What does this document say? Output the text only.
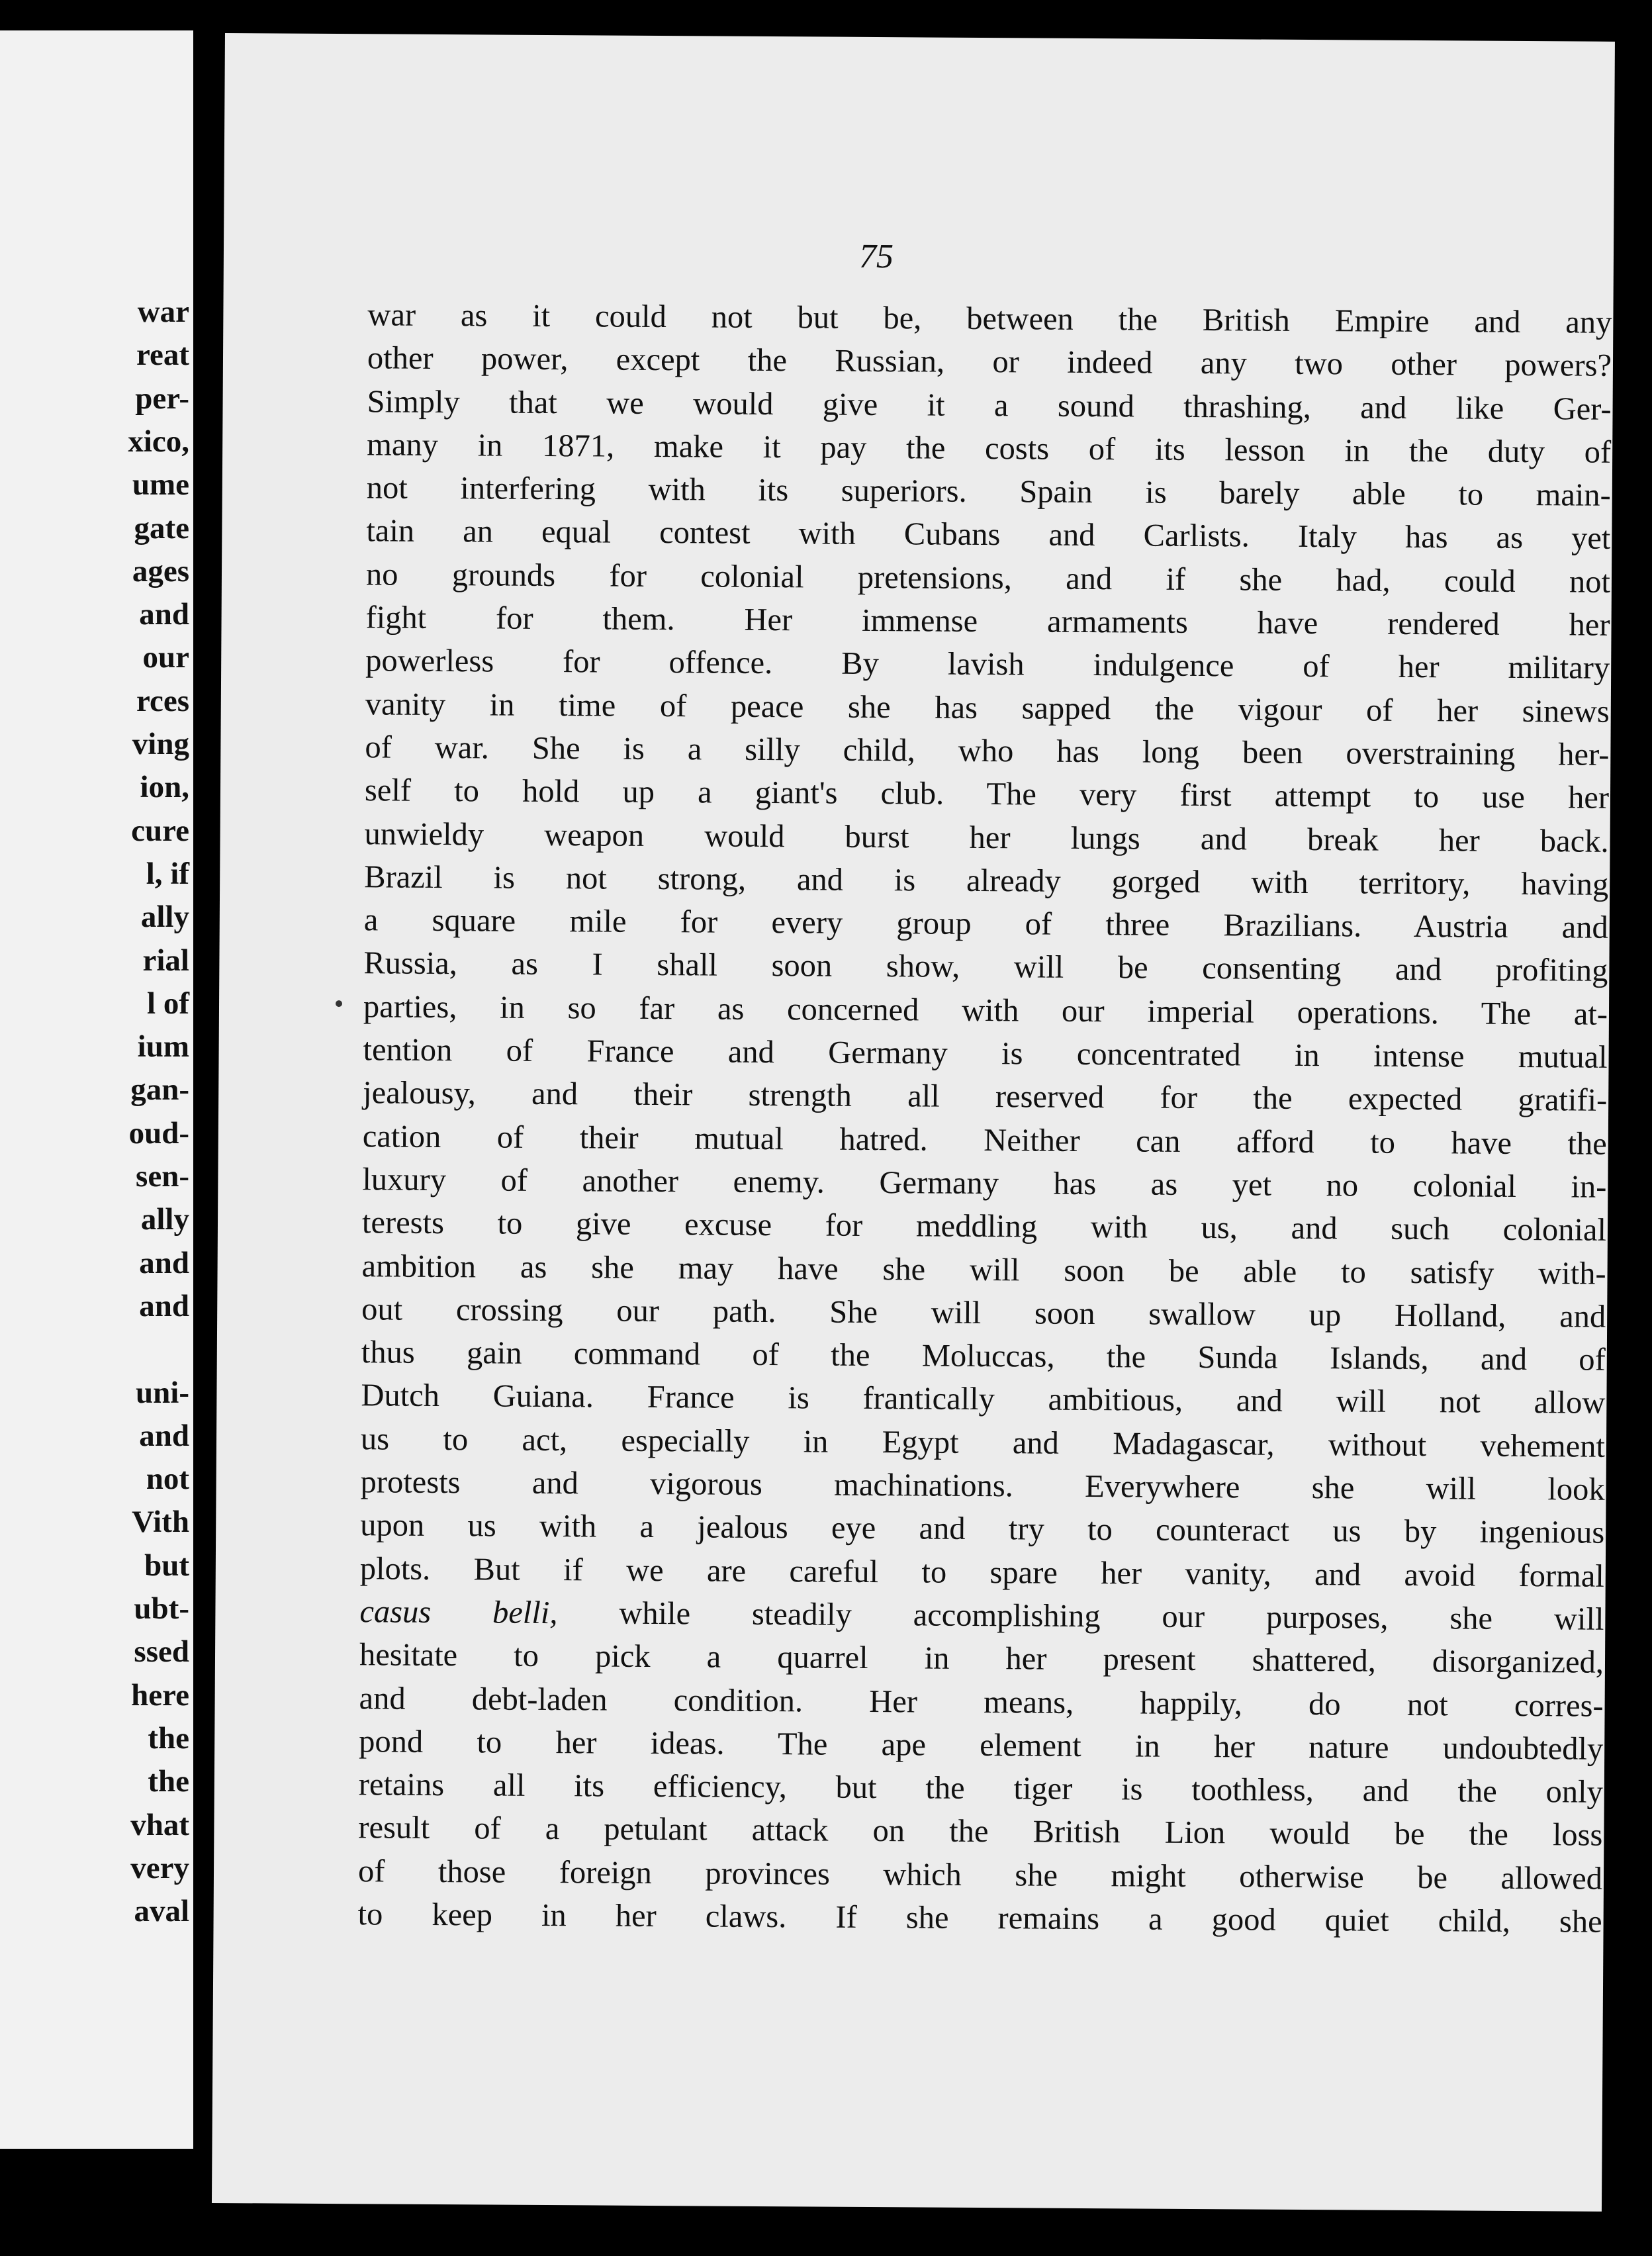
war
reat
per-
xico,
ume
gate
ages
and
our
rces
ving
ion,
cure
l, if
ally
rial
l of
ium
gan-
oud-
sen-
ally
and
and
uni-
and
not
Vith
but
ubt-
ssed
here
the
the
vhat
very
aval
75
war as it could not but be, between the British Empire and any
other power, except the Russian, or indeed any two other powers?
Simply that we would give it a sound thrashing, and like Ger-
many in 1871, make it pay the costs of its lesson in the duty of
not interfering with its superiors. Spain is barely able to main-
tain an equal contest with Cubans and Carlists. Italy has as yet
no grounds for colonial pretensions, and if she had, could not
fight for them. Her immense armaments have rendered her
powerless for offence. By lavish indulgence of her military
vanity in time of peace she has sapped the vigour of her sinews
of war. She is a silly child, who has long been overstraining her-
self to hold up a giant's club. The very first attempt to use her
unwieldy weapon would burst her lungs and break her back.
Brazil is not strong, and is already gorged with territory, having
a square mile for every group of three Brazilians. Austria and
Russia, as I shall soon show, will be consenting and profiting
parties, in so far as concerned with our imperial operations. The at-
tention of France and Germany is concentrated in intense mutual
jealousy, and their strength all reserved for the expected gratifi-
cation of their mutual hatred. Neither can afford to have the
luxury of another enemy. Germany has as yet no colonial in-
terests to give excuse for meddling with us, and such colonial
ambition as she may have she will soon be able to satisfy with-
out crossing our path. She will soon swallow up Holland, and
thus gain command of the Moluccas, the Sunda Islands, and of
Dutch Guiana. France is frantically ambitious, and will not allow
us to act, especially in Egypt and Madagascar, without vehement
protests and vigorous machinations. Everywhere she will look
upon us with a jealous eye and try to counteract us by ingenious
plots. But if we are careful to spare her vanity, and avoid formal
casus belli, while steadily accomplishing our purposes, she will
hesitate to pick a quarrel in her present shattered, disorganized,
and debt-laden condition. Her means, happily, do not corres-
pond to her ideas. The ape element in her nature undoubtedly
retains all its efficiency, but the tiger is toothless, and the only
result of a petulant attack on the British Lion would be the loss
of those foreign provinces which she might otherwise be allowed
to keep in her claws. If she remains a good quiet child, she
